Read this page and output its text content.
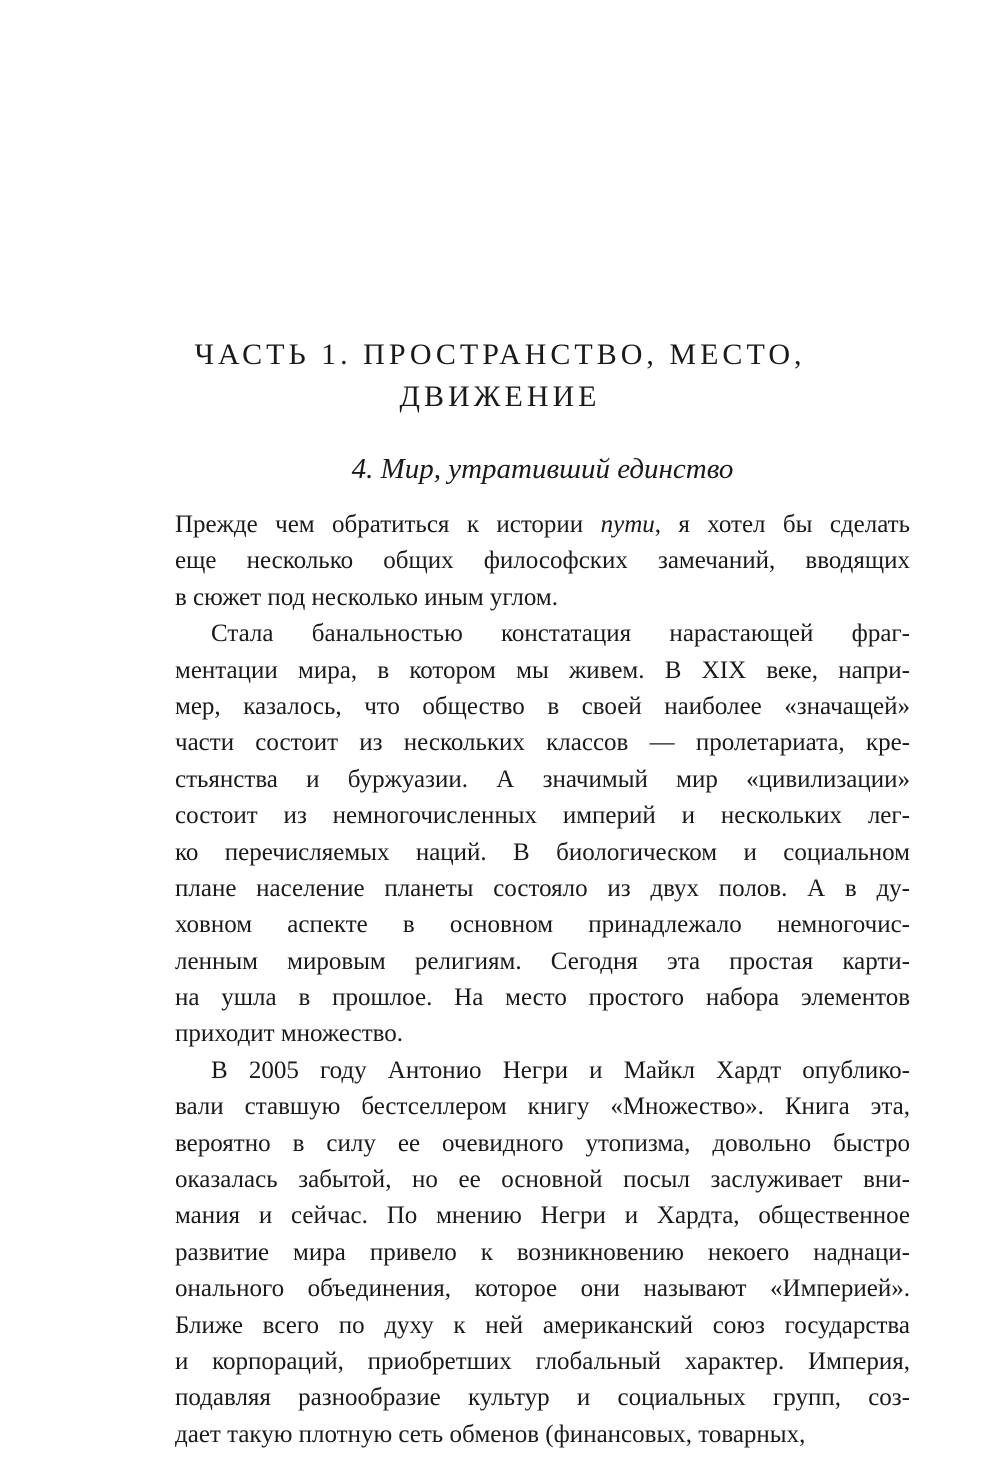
ЧАСТЬ 1. ПРОСТРАНСТВО, МЕСТО,
ДВИЖЕНИЕ
4. Мир, утративший единство
Прежде чем обратиться к истории пути, я хотел бы сделать
еще несколько общих философских замечаний, вводящих
в сюжет под несколько иным углом.
Стала банальностью констатация нарастающей фраг-
ментации мира, в котором мы живем. В XIX веке, напри-
мер, казалось, что общество в своей наиболее «значащей»
части состоит из нескольких классов — пролетариата, кре-
стьянства и буржуазии. А значимый мир «цивилизации»
состоит из немногочисленных империй и нескольких лег-
ко перечисляемых наций. В биологическом и социальном
плане население планеты состояло из двух полов. А в ду-
ховном аспекте в основном принадлежало немногочис-
ленным мировым религиям. Сегодня эта простая карти-
на ушла в прошлое. На место простого набора элементов
приходит множество.
В 2005 году Антонио Негри и Майкл Хардт опублико-
вали ставшую бестселлером книгу «Множество». Книга эта,
вероятно в силу ее очевидного утопизма, довольно быстро
оказалась забытой, но ее основной посыл заслуживает вни-
мания и сейчас. По мнению Негри и Хардта, общественное
развитие мира привело к возникновению некоего наднаци-
онального объединения, которое они называют «Империей».
Ближе всего по духу к ней американский союз государства
и корпораций, приобретших глобальный характер. Империя,
подавляя разнообразие культур и социальных групп, соз-
дает такую плотную сеть обменов (финансовых, товарных,
